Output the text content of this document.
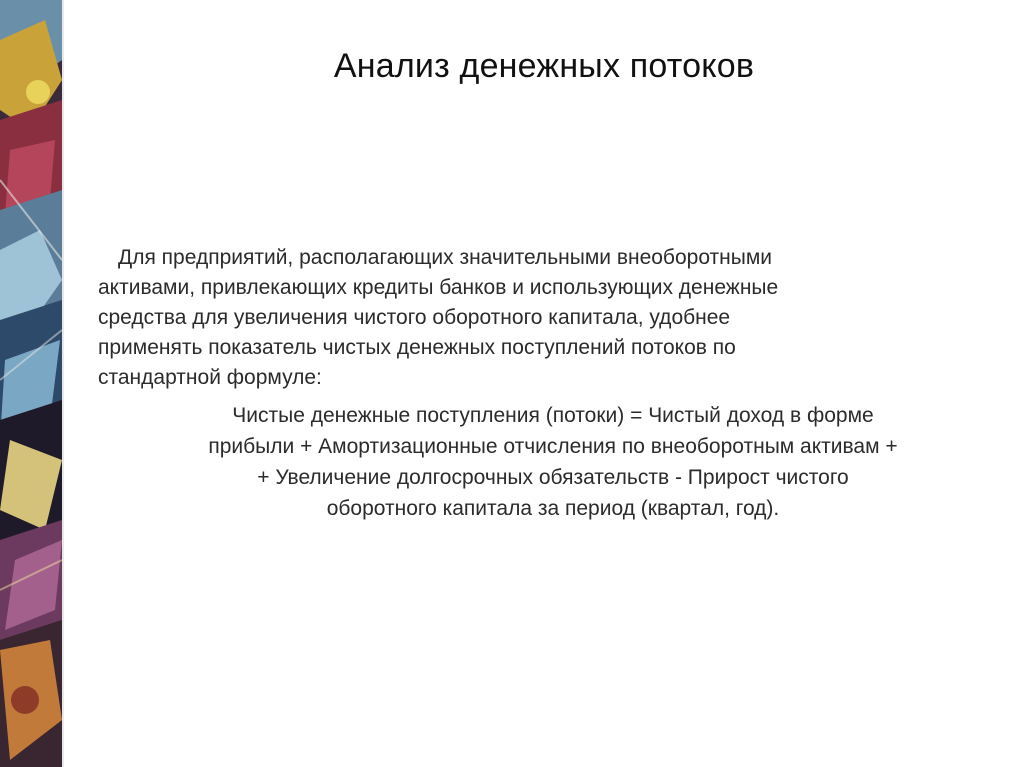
Анализ денежных потоков
Для предприятий, располагающих значительными внеоборотными
активами, привлекающих кредиты банков и использующих денежные
средства для увеличения чистого оборотного капитала, удобнее
применять показатель чистых денежных поступлений потоков по
стандартной формуле:
Чистые денежные поступления (потоки) = Чистый доход в форме
прибыли + Амортизационные отчисления по внеоборотным активам +
+ Увеличение долгосрочных обязательств - Прирост чистого
оборотного капитала за период (квартал, год).
